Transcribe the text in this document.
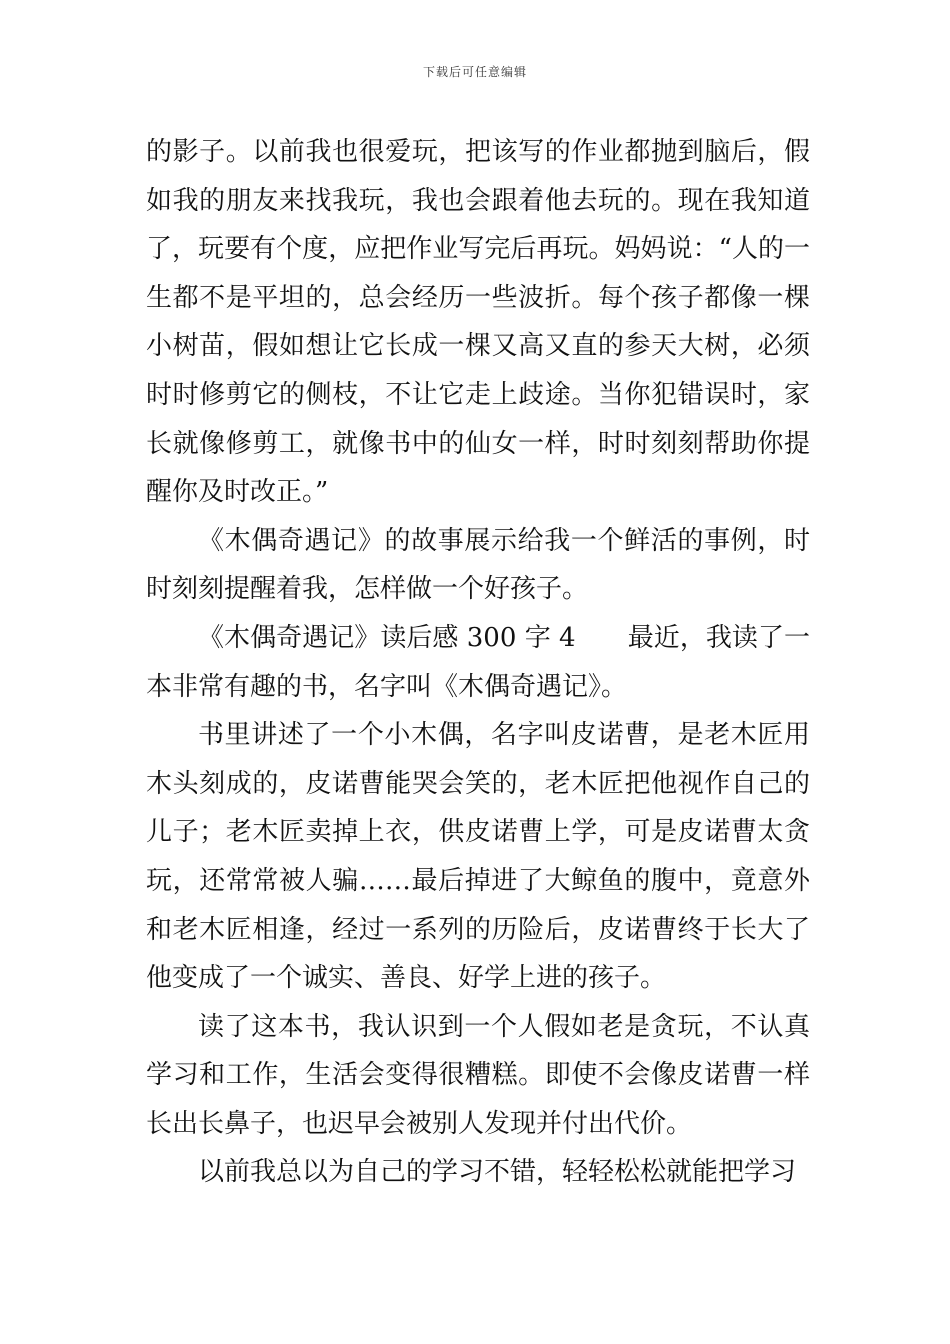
下载后可任意编辑

的影子。以前我也很爱玩，把该写的作业都抛到脑后，假如我的朋友来找我玩，我也会跟着他去玩的。现在我知道了，玩要有个度，应把作业写完后再玩。妈妈说：“人的一生都不是平坦的，总会经历一些波折。每个孩子都像一棵小树苗，假如想让它长成一棵又高又直的参天大树，必须时时修剪它的侧枝，不让它走上歧途。当你犯错误时，家长就像修剪工，就像书中的仙女一样，时时刻刻帮助你提醒你及时改正。”

《木偶奇遇记》的故事展示给我一个鲜活的事例，时时刻刻提醒着我，怎样做一个好孩子。

《木偶奇遇记》读后感 300 字 4　　最近，我读了一本非常有趣的书，名字叫《木偶奇遇记》。

书里讲述了一个小木偶，名字叫皮诺曹，是老木匠用木头刻成的，皮诺曹能哭会笑的，老木匠把他视作自己的儿子；老木匠卖掉上衣，供皮诺曹上学，可是皮诺曹太贪玩，还常常被人骗……最后掉进了大鲸鱼的腹中，竟意外和老木匠相逢，经过一系列的历险后，皮诺曹终于长大了他变成了一个诚实、善良、好学上进的孩子。

读了这本书，我认识到一个人假如老是贪玩，不认真学习和工作，生活会变得很糟糕。即使不会像皮诺曹一样长出长鼻子，也迟早会被别人发现并付出代价。

以前我总以为自己的学习不错，轻轻松松就能把学习
